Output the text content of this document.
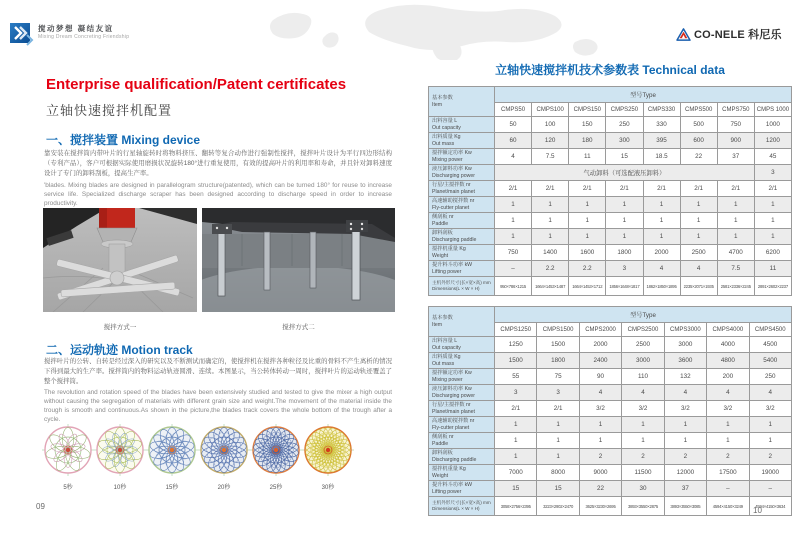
搅动梦想 凝结友谊
Mixing Dream Concreting Friendship	CO-NELE 科尼乐
Enterprise qualification/Patent certificates
立轴快速搅拌机配置
一、搅拌装置 Mixing device

靠安装在搅拌筒内带叶片的行星轴旋转时将物料挤压、翻转等复合动作进行强制性搅拌，搅拌叶片设计为平行四边形结构（专利产品），客户可根据实际使用磨损状况旋转180°进行重复使用，有效的提高叶片的利用率和寿命，并且针对卸料速度设计了专门的卸料刮板，提高生产率。

'blades. Mixing blades are designed in parallelogram structure(patented), which can be turned 180° for reuse to increase service life. Specialized discharge scraper has been designed according to discharge speed in order to increase productivity.

搅拌方式一	搅拌方式二
二、运动轨迹 Motion track

搅拌叶片的公转、自转是经过深入的研究以及不断测试而确定的，使搅拌机在搅拌各种粒径及比重的骨料不产生离析的情况下得到最大的生产率。搅拌筒内的物料运动轨迹圆滑、连续。本图显示，当公转体转动一周时，搅拌叶片的运动轨迹覆盖了整个搅拌筒。

The revolution and rotation speed of the blades have been extensively studied and tested to give the mixer a high output without causing the segregation of materials with different grain size and weight.The movement of the material inside the trough is smooth and continuous.As shown in the picture,the blades track covers the whole bottom of the trough after a cycle.

5秒	10秒	15秒	20秒	25秒	30秒
09
立轴快速搅拌机技术参数表 Technical data
基本参数
Item	型号Type							
	CMPS50	CMPS100	CMPS150	CMPS250	CMPS330	CMPS500	CMPS750	CMPS 1000

出料容量 L
Out capacity	50	100	150	250	330	500	750	1000

出料质量 Kg
Out mass	60	120	180	300	395	600	900	1200

搅拌额定功率 Kw
Mixing power	4	7.5	11	15	18.5	22	37	45

液压卸料功率 Kw
Discharging power	气动卸料（可选配液压卸料）							3

行星/主搅拌数 nr
Planet/main planet	2/1	2/1	2/1	2/1	2/1	2/1	2/1	2/1

高速辅助搅拌数 nr
Fly-cutter planet	1	1	1	1	1	1	1	1

侧刮板 nr
Paddle	1	1	1	1	1	1	1	1

卸料刮板
Discharging paddle	1	1	1	1	1	1	1	1

搅拌机重量 Kg
Weight	750	1400	1600	1800	2000	2500	4700	6200

提升料斗功率 kW
Lifting power	–	2.2	2.2	3	4	4	7.5	11

主机外形尺寸(长×宽×高) mm
Dimensions(L × W × H)	950×786×1215	1664×1453×1487	1664×1453×1712	1856×1648×1817	1862×1850×1895	2235×2071×1935	2581×2336×2245	2891×2602×2237
基本参数
Item	型号Type						
	CMPS1250	CMPS1500	CMPS2000	CMPS2500	CMPS3000	CMPS4000	CMPS4500

出料容量 L
Out capacity	1250	1500	2000	2500	3000	4000	4500

出料质量 Kg
Out mass	1500	1800	2400	3000	3600	4800	5400

搅拌额定功率 Kw
Mixing power	55	75	90	110	132	200	250

液压卸料功率 Kw
Discharging power	3	3	4	4	4	4	4

行星/主搅拌数 nr
Planet/main planet	2/1	2/1	3/2	3/2	3/2	3/2	3/2

高速辅助搅拌数 nr
Fly-cutter planet	1	1	1	1	1	1	1

侧刮板 nr
Paddle	1	1	1	1	1	1	1

卸料刮板
Discharging paddle	1	1	2	2	2	2	2

搅拌机重量 Kg
Weight	7000	8000	9000	11500	12000	17500	19000

提升料斗功率 kW
Lifting power	15	15	22	30	37	–	–

主机外形尺寸(长×宽×高) mm
Dimensions(L × W × H)	3058×2756×2395	3223×2902×2470	3625×3230×2695	3893×3550×2875	3893×3550×3085	4594×4150×3249	4594×4150×3634
10
